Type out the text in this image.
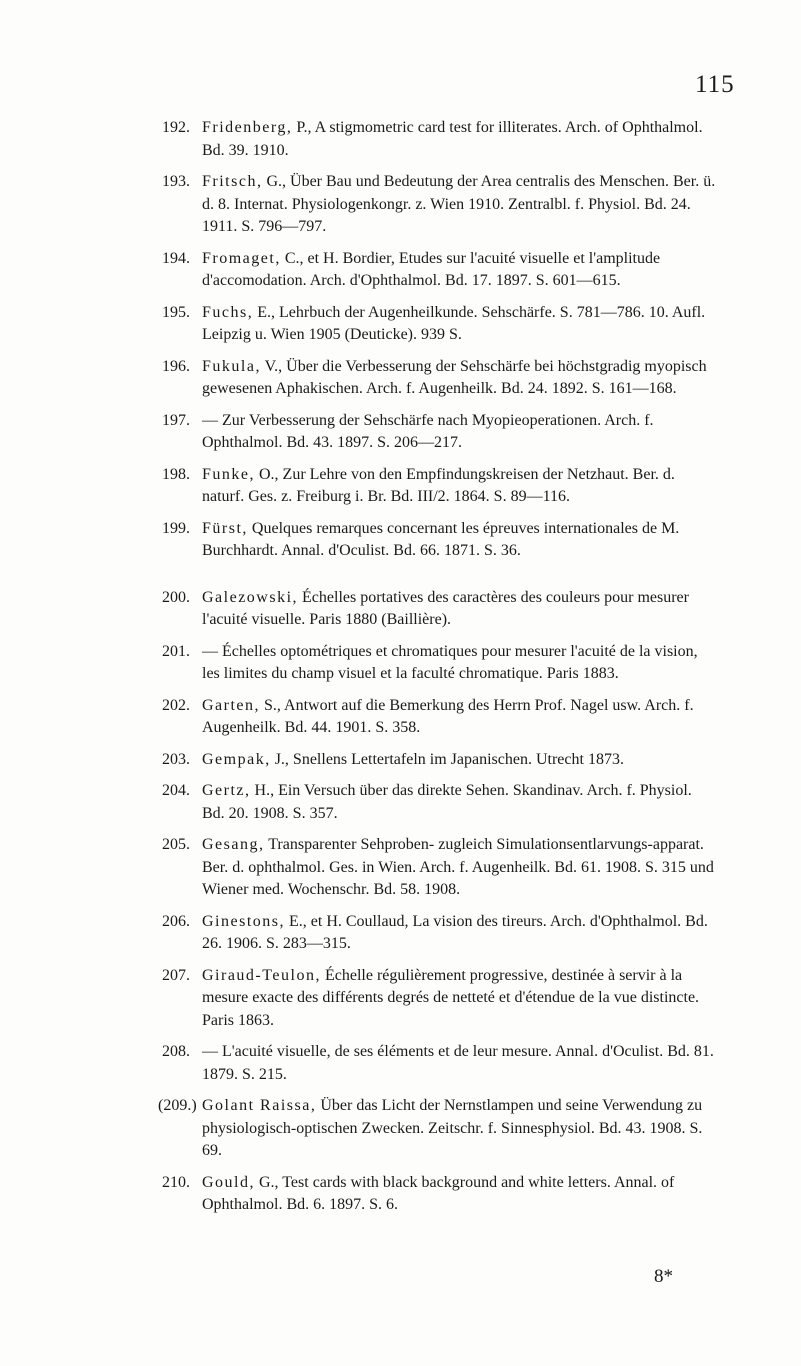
115
192. Fridenberg, P., A stigmometric card test for illiterates. Arch. of Ophthalmol. Bd. 39. 1910.
193. Fritsch, G., Über Bau und Bedeutung der Area centralis des Menschen. Ber. ü. d. 8. Internat. Physiologenkongr. z. Wien 1910. Zentralbl. f. Physiol. Bd. 24. 1911. S. 796—797.
194. Fromaget, C., et H. Bordier, Etudes sur l'acuité visuelle et l'amplitude d'accomodation. Arch. d'Ophthalmol. Bd. 17. 1897. S. 601—615.
195. Fuchs, E., Lehrbuch der Augenheilkunde. Sehschärfe. S. 781—786. 10. Aufl. Leipzig u. Wien 1905 (Deuticke). 939 S.
196. Fukula, V., Über die Verbesserung der Sehschärfe bei höchstgradig myopisch gewesenen Aphakischen. Arch. f. Augenheilk. Bd. 24. 1892. S. 161—168.
197. — Zur Verbesserung der Sehschärfe nach Myopieoperationen. Arch. f. Ophthalmol. Bd. 43. 1897. S. 206—217.
198. Funke, O., Zur Lehre von den Empfindungskreisen der Netzhaut. Ber. d. naturf. Ges. z. Freiburg i. Br. Bd. III/2. 1864. S. 89—116.
199. Fürst, Quelques remarques concernant les épreuves internationales de M. Burchhardt. Annal. d'Oculist. Bd. 66. 1871. S. 36.
200. Galezowski, Échelles portatives des caractères des couleurs pour mesurer l'acuité visuelle. Paris 1880 (Baillière).
201. — Échelles optométriques et chromatiques pour mesurer l'acuité de la vision, les limites du champ visuel et la faculté chromatique. Paris 1883.
202. Garten, S., Antwort auf die Bemerkung des Herrn Prof. Nagel usw. Arch. f. Augenheilk. Bd. 44. 1901. S. 358.
203. Gempak, J., Snellens Lettertafeln im Japanischen. Utrecht 1873.
204. Gertz, H., Ein Versuch über das direkte Sehen. Skandinav. Arch. f. Physiol. Bd. 20. 1908. S. 357.
205. Gesang, Transparenter Sehproben- zugleich Simulationsentlarvungs-apparat. Ber. d. ophthalmol. Ges. in Wien. Arch. f. Augenheilk. Bd. 61. 1908. S. 315 und Wiener med. Wochenschr. Bd. 58. 1908.
206. Ginestons, E., et H. Coullaud, La vision des tireurs. Arch. d'Ophthalmol. Bd. 26. 1906. S. 283—315.
207. Giraud-Teulon, Échelle régulièrement progressive, destinée à servir à la mesure exacte des différents degrés de netteté et d'étendue de la vue distincte. Paris 1863.
208. — L'acuité visuelle, de ses éléments et de leur mesure. Annal. d'Oculist. Bd. 81. 1879. S. 215.
(209.) Golant Raissa, Über das Licht der Nernstlampen und seine Verwendung zu physiologisch-optischen Zwecken. Zeitschr. f. Sinnesphysiol. Bd. 43. 1908. S. 69.
210. Gould, G., Test cards with black background and white letters. Annal. of Ophthalmol. Bd. 6. 1897. S. 6.
8*
